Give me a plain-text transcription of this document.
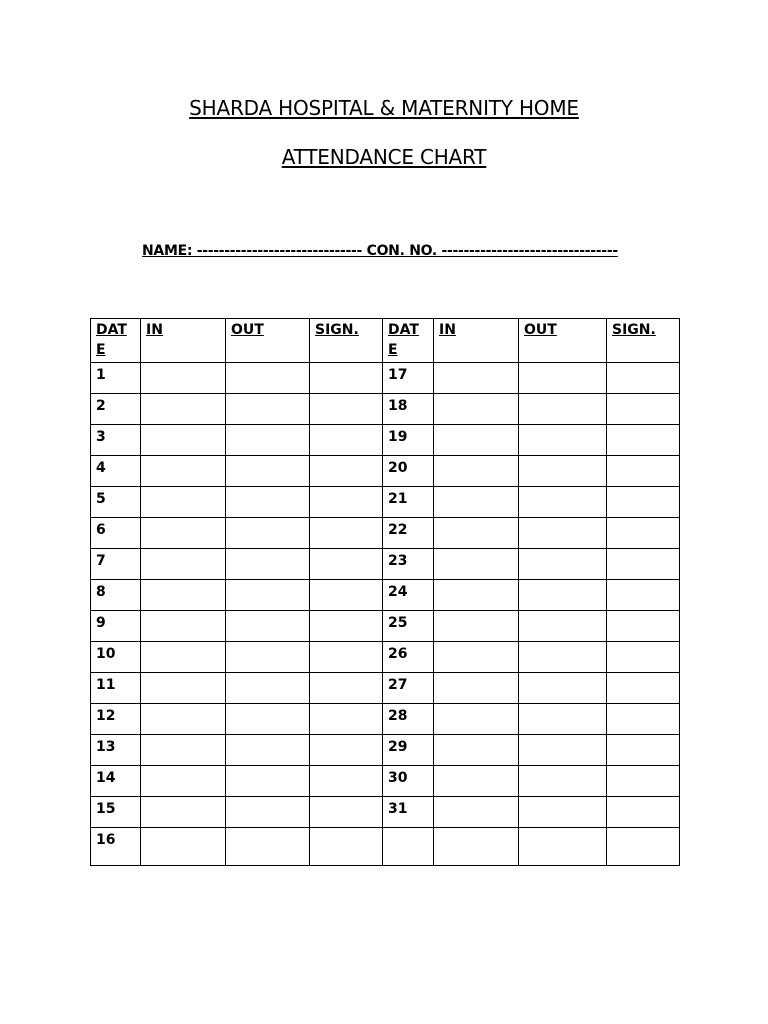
SHARDA HOSPITAL & MATERNITY HOME
ATTENDANCE CHART
NAME: ------------------------------ CON. NO. --------------------------------
DATE	IN	OUT	SIGN.	DATE	IN	OUT	SIGN.
1				17			
2				18			
3				19			
4				20			
5				21			
6				22			
7				23			
8				24			
9				25			
10				26			
11				27			
12				28			
13				29			
14				30			
15				31			
16							
